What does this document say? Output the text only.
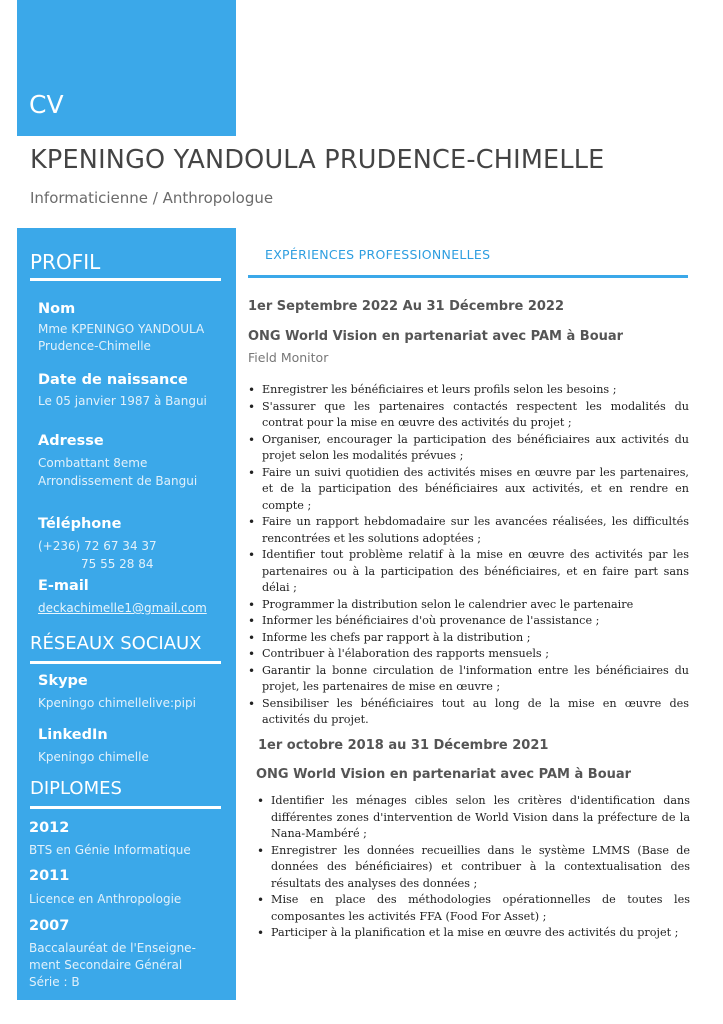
CV
KPENINGO YANDOULA PRUDENCE-CHIMELLE
Informaticienne / Anthropologue
PROFIL
Nom
Mme KPENINGO YANDOULA
Prudence-Chimelle
Date de naissance
Le 05 janvier 1987 à Bangui
Adresse
Combattant 8eme
Arrondissement de Bangui
Téléphone
(+236) 72 67 34 37
75 55 28 84
E-mail
deckachimelle1@gmail.com
RÉSEAUX SOCIAUX
Skype
Kpeningo chimellelive:pipi
LinkedIn
Kpeningo chimelle
DIPLOMES
2012
BTS en Génie Informatique
2011
Licence en Anthropologie
2007
Baccalauréat de l'Enseigne-
ment Secondaire Général
Série : B
EXPÉRIENCES PROFESSIONNELLES
1er Septembre 2022 Au 31 Décembre 2022
ONG World Vision en partenariat avec PAM à Bouar
Field Monitor
• Enregistrer les bénéficiaires et leurs profils selon les besoins ;
• S'assurer que les partenaires contactés respectent les modalités du contrat pour la mise en œuvre des activités du projet ;
• Organiser, encourager la participation des bénéficiaires aux activités du projet selon les modalités prévues ;
• Faire un suivi quotidien des activités mises en œuvre par les partenaires, et de la participation des bénéficiaires aux activités, et en rendre en compte ;
• Faire un rapport hebdomadaire sur les avancées réalisées, les difficultés rencontrées et les solutions adoptées ;
• Identifier tout problème relatif à la mise en œuvre des activités par les partenaires ou à la participation des bénéficiaires, et en faire part sans délai ;
• Programmer la distribution selon le calendrier avec le partenaire
• Informer les bénéficiaires d'où provenance de l'assistance ;
• Informe les chefs par rapport à la distribution ;
• Contribuer à l'élaboration des rapports mensuels ;
• Garantir la bonne circulation de l'information entre les bénéficiaires du projet, les partenaires de mise en œuvre ;
• Sensibiliser les bénéficiaires tout au long de la mise en œuvre des activités du projet.
1er octobre 2018 au 31 Décembre 2021
ONG World Vision en partenariat avec PAM à Bouar
• Identifier les ménages cibles selon les critères d'identification dans différentes zones d'intervention de World Vision dans la préfecture de la Nana-Mambéré ;
• Enregistrer les données recueillies dans le système LMMS (Base de données des bénéficiaires) et contribuer à la contextualisation des résultats des analyses des données ;
• Mise en place des méthodologies opérationnelles de toutes les composantes les activités FFA (Food For Asset) ;
• Participer à la planification et la mise en œuvre des activités du projet ;
